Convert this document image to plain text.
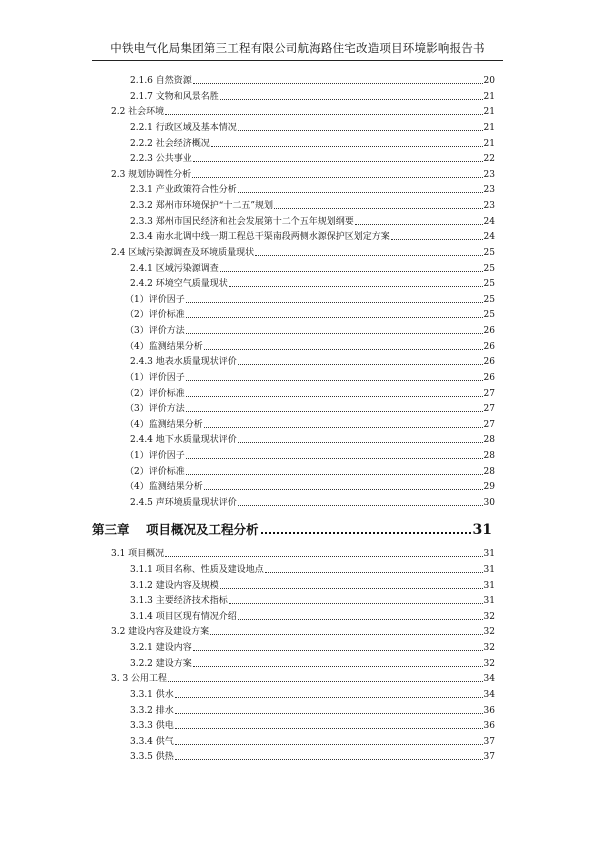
中铁电气化局集团第三工程有限公司航海路住宅改造项目环境影响报告书
2.1.6 自然资源	20
2.1.7 文物和风景名胜	21
2.2 社会环境	21
2.2.1 行政区域及基本情况	21
2.2.2 社会经济概况	21
2.2.3 公共事业	22
2.3 规划协调性分析	23
2.3.1 产业政策符合性分析	23
2.3.2 郑州市环境保护“十二五”规划	23
2.3.3 郑州市国民经济和社会发展第十二个五年规划纲要	24
2.3.4 南水北调中线一期工程总干渠南段两侧水源保护区划定方案	24
2.4 区域污染源调查及环境质量现状	25
2.4.1 区域污染源调查	25
2.4.2 环境空气质量现状	25
（1）评价因子	25
（2）评价标准	25
（3）评价方法	26
（4）监测结果分析	26
2.4.3 地表水质量现状评价	26
（1）评价因子	26
（2）评价标准	27
（3）评价方法	27
（4）监测结果分析	27
2.4.4 地下水质量现状评价	28
（1）评价因子	28
（2）评价标准	28
（4）监测结果分析	29
2.4.5 声环境质量现状评价	30
第三章	项目概况及工程分析	31
3.1 项目概况	31
3.1.1 项目名称、性质及建设地点	31
3.1.2 建设内容及规模	31
3.1.3 主要经济技术指标	31
3.1.4 项目区现有情况介绍	32
3.2 建设内容及建设方案	32
3.2.1 建设内容	32
3.2.2 建设方案	32
3. 3 公用工程	34
3.3.1 供水	34
3.3.2 排水	36
3.3.3 供电	36
3.3.4 供气	37
3.3.5 供热	37
